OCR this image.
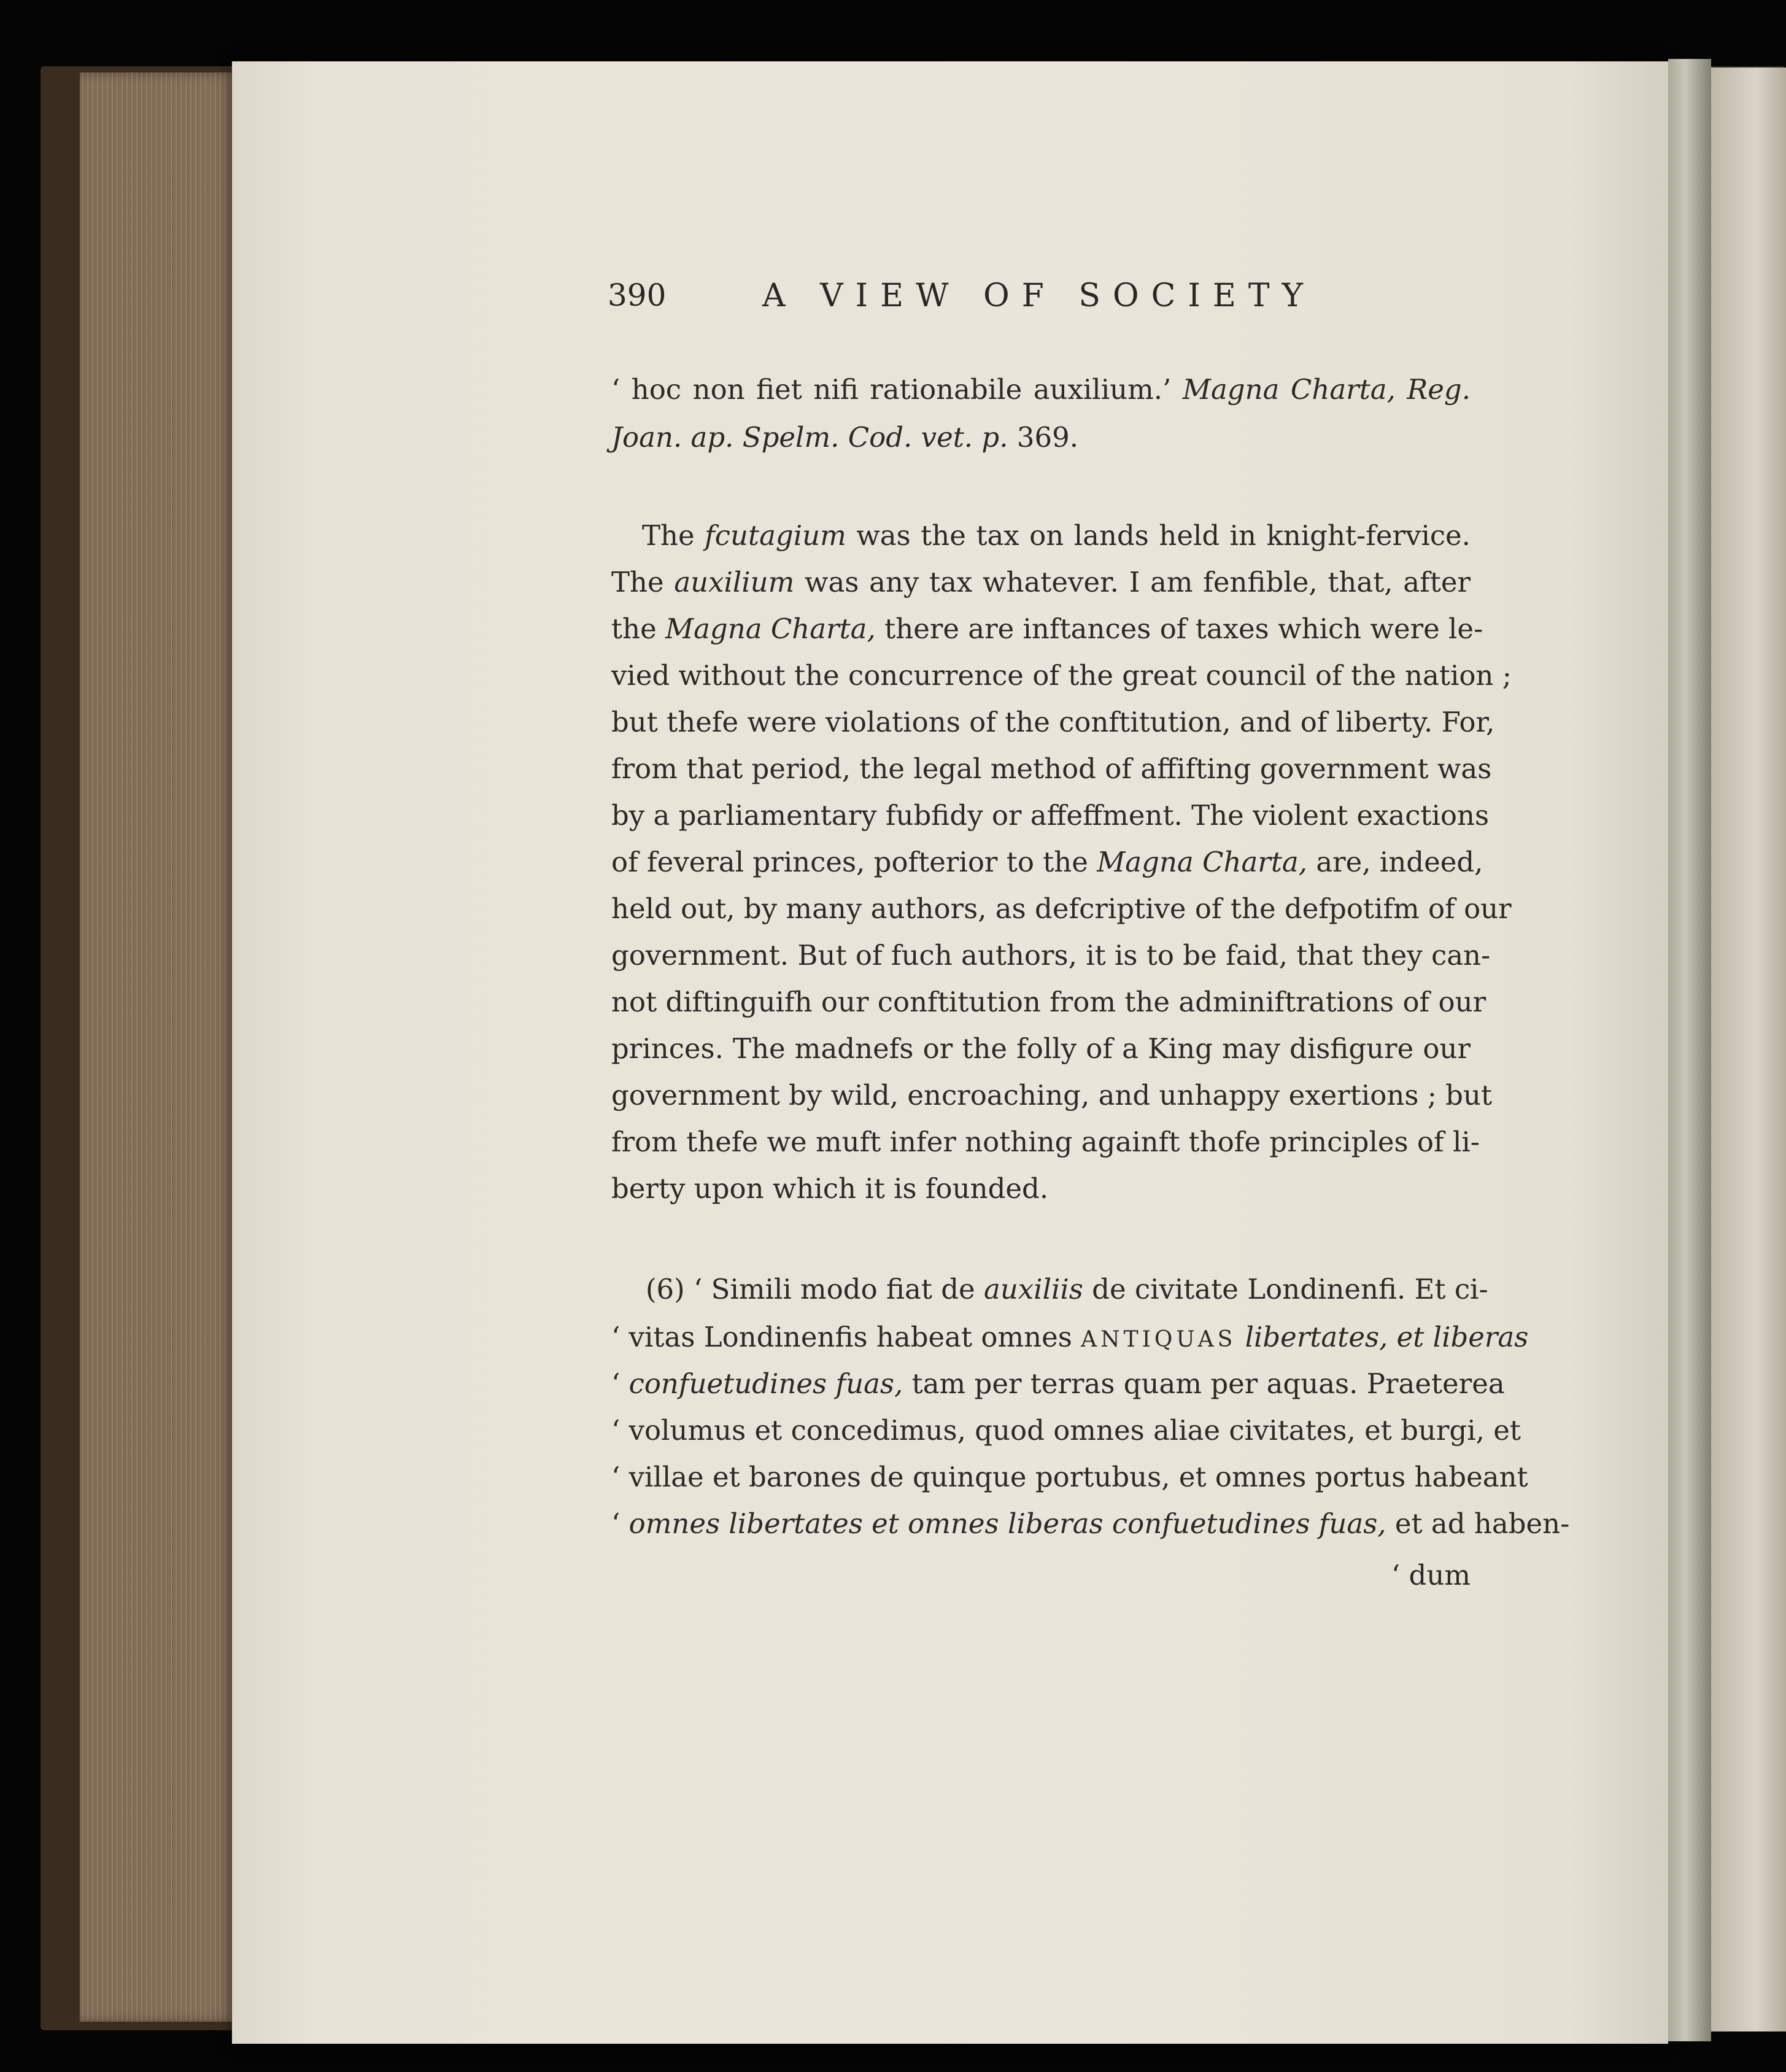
390	A VIEW OF SOCIETY
‘ hoc non fiet nifi rationabile auxilium.’ Magna Charta, Reg.
Joan. ap. Spelm. Cod. vet. p. 369.
The fcutagium was the tax on lands held in knight-fervice.
The auxilium was any tax whatever. I am fenfible, that, after
the Magna Charta, there are inftances of taxes which were le-
vied without the concurrence of the great council of the nation ;
but thefe were violations of the conftitution, and of liberty. For,
from that period, the legal method of affifting government was
by a parliamentary fubfidy or affeffment. The violent exactions
of feveral princes, pofterior to the Magna Charta, are, indeed,
held out, by many authors, as defcriptive of the defpotifm of our
government. But of fuch authors, it is to be faid, that they can-
not diftinguifh our conftitution from the adminiftrations of our
princes. The madnefs or the folly of a King may disfigure our
government by wild, encroaching, and unhappy exertions ; but
from thefe we muft infer nothing againft thofe principles of li-
berty upon which it is founded.
(6) ‘ Simili modo fiat de auxiliis de civitate Londinenfi. Et ci-
‘ vitas Londinenfis habeat omnes ANTIQUAS libertates, et liberas
‘ confuetudines fuas, tam per terras quam per aquas. Praeterea
‘ volumus et concedimus, quod omnes aliae civitates, et burgi, et
‘ villae et barones de quinque portubus, et omnes portus habeant
‘ omnes libertates et omnes liberas confuetudines fuas, et ad haben-
‘ dum
